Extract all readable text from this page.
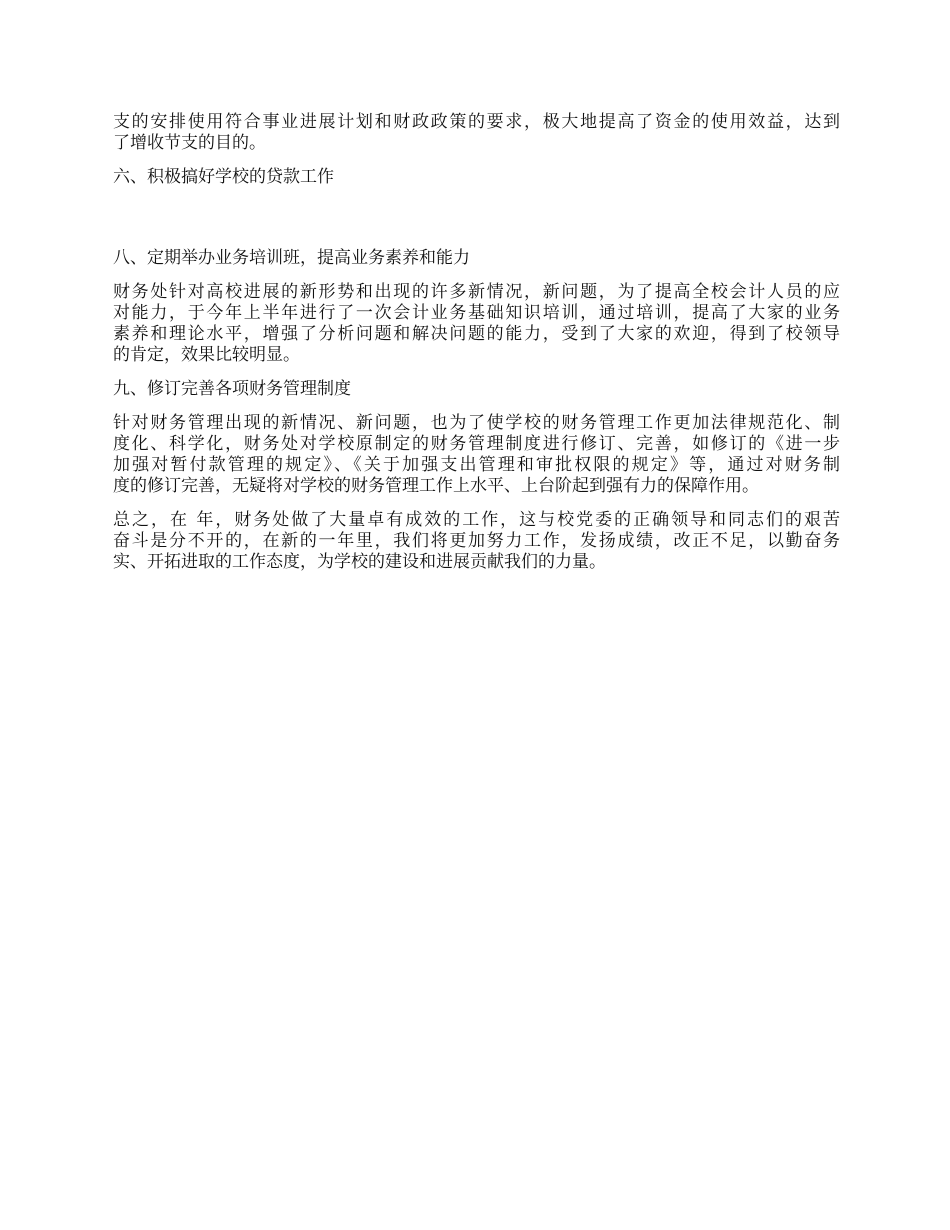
支的安排使用符合事业进展计划和财政政策的要求，极大地提高了资金的使用效益，达到
了增收节支的目的。

六、积极搞好学校的贷款工作
八、定期举办业务培训班，提高业务素养和能力

财务处针对高校进展的新形势和出现的许多新情况，新问题，为了提高全校会计人员的应
对能力，于今年上半年进行了一次会计业务基础知识培训，通过培训，提高了大家的业务
素养和理论水平，增强了分析问题和解决问题的能力，受到了大家的欢迎，得到了校领导
的肯定，效果比较明显。

九、修订完善各项财务管理制度

针对财务管理出现的新情况、新问题，也为了使学校的财务管理工作更加法律规范化、制
度化、科学化，财务处对学校原制定的财务管理制度进行修订、完善，如修订的《进一步
加强对暂付款管理的规定》、《关于加强支出管理和审批权限的规定》等，通过对财务制
度的修订完善，无疑将对学校的财务管理工作上水平、上台阶起到强有力的保障作用。

总之，在 年，财务处做了大量卓有成效的工作，这与校党委的正确领导和同志们的艰苦
奋斗是分不开的，在新的一年里，我们将更加努力工作，发扬成绩，改正不足，以勤奋务
实、开拓进取的工作态度，为学校的建设和进展贡献我们的力量。
